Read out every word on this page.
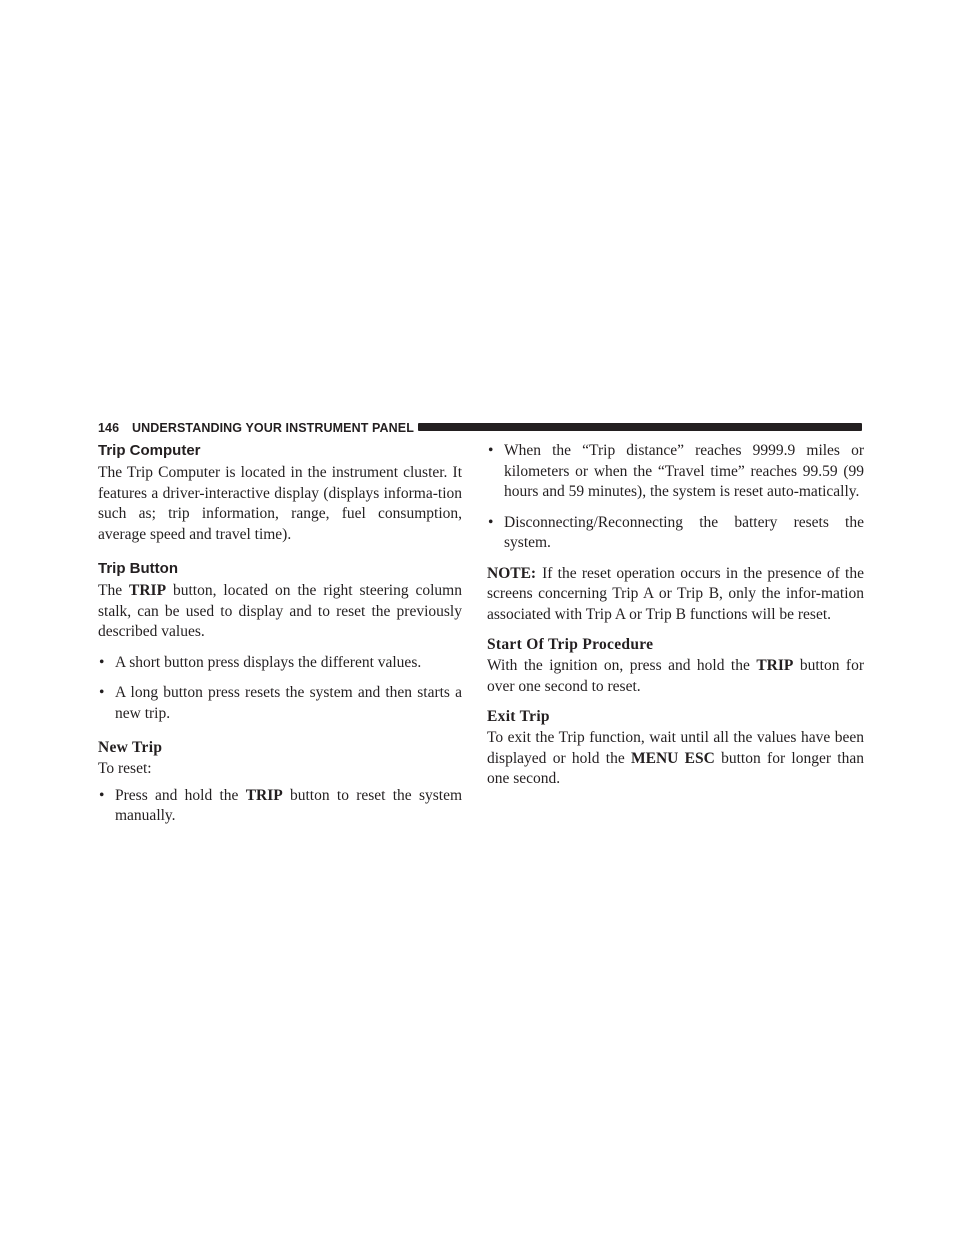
146 UNDERSTANDING YOUR INSTRUMENT PANEL
Trip Computer

The Trip Computer is located in the instrument cluster. It features a driver-interactive display (displays informa-tion such as; trip information, range, fuel consumption, average speed and travel time).

Trip Button

The TRIP button, located on the right steering column stalk, can be used to display and to reset the previously described values.

• A short button press displays the different values.
• A long button press resets the system and then starts a new trip.
New Trip

To reset:

• Press and hold the TRIP button to reset the system manually.
• When the “Trip distance” reaches 9999.9 miles or kilometers or when the “Travel time” reaches 99.59 (99 hours and 59 minutes), the system is reset auto-matically.
• Disconnecting/Reconnecting the battery resets the system.

NOTE: If the reset operation occurs in the presence of the screens concerning Trip A or Trip B, only the infor-mation associated with Trip A or Trip B functions will be reset.

Start Of Trip Procedure

With the ignition on, press and hold the TRIP button for over one second to reset.

Exit Trip

To exit the Trip function, wait until all the values have been displayed or hold the MENU ESC button for longer than one second.
